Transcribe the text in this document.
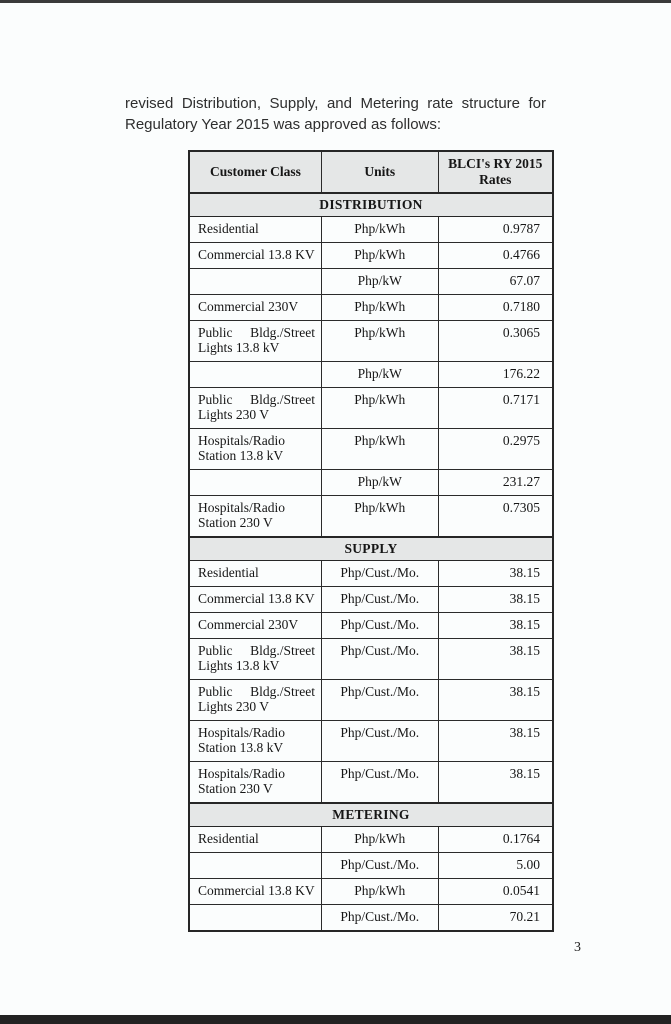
revised Distribution, Supply, and Metering rate structure for
Regulatory Year 2015 was approved as follows:
Customer Class	Units	BLCI's RY 2015 Rates
DISTRIBUTION		
Residential	Php/kWh	0.9787
Commercial 13.8 KV	Php/kWh	0.4766
	Php/kW	67.07
Commercial 230V	Php/kWh	0.7180
Public Bldg./Street Lights 13.8 kV	Php/kWh	0.3065
	Php/kW	176.22
Public Bldg./Street Lights 230 V	Php/kWh	0.7171
Hospitals/Radio Station 13.8 kV	Php/kWh	0.2975
	Php/kW	231.27
Hospitals/Radio Station 230 V	Php/kWh	0.7305
SUPPLY		
Residential	Php/Cust./Mo.	38.15
Commercial 13.8 KV	Php/Cust./Mo.	38.15
Commercial 230V	Php/Cust./Mo.	38.15
Public Bldg./Street Lights 13.8 kV	Php/Cust./Mo.	38.15
Public Bldg./Street Lights 230 V	Php/Cust./Mo.	38.15
Hospitals/Radio Station 13.8 kV	Php/Cust./Mo.	38.15
Hospitals/Radio Station 230 V	Php/Cust./Mo.	38.15
METERING		
Residential	Php/kWh	0.1764
	Php/Cust./Mo.	5.00
Commercial 13.8 KV	Php/kWh	0.0541
	Php/Cust./Mo.	70.21
3
